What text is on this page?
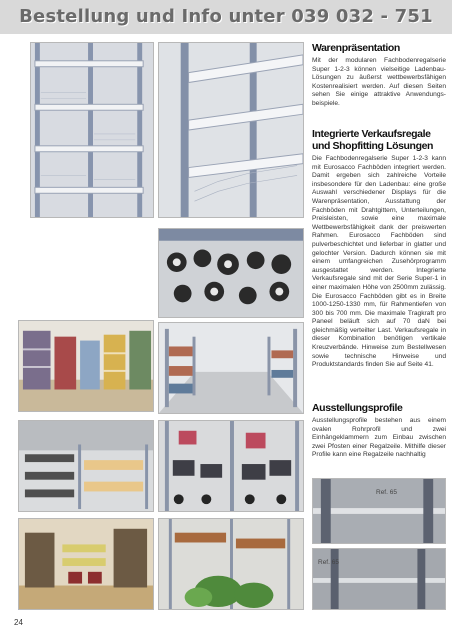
Bestellung und Info unter 039 032 - 751
Ref. 65
Ref. 65
Warenpräsentation
Mit der modularen Fachbodenregalserie Super 1-2-3 können vielseitige Ladenbau-Lösungen zu äußerst wettbewerbsfähigen Kostenrealisiert werden. Auf diesen Seiten sehen Sie einige attraktive Anwendungs-beispiele.
Integrierte Verkaufsregale und Shopfitting Lösungen
Die Fachbodenregalserie Super 1-2-3 kann mit Eurosacco Fachböden integriert werden. Damit ergeben sich zahlreiche Vorteile insbesondere für den Ladenbau: eine große Auswahl verschiedener Displays für die Warenpräsentation, Ausstattung der Fachböden mit Drahtgittern, Unterteilungen, Preisleisten, sowie eine maximale Wettbewerbsfähigkeit dank der preiswerten Rahmen. Eurosacco Fachböden sind pulverbeschichtet und lieferbar in glatter und gelochter Version. Dadurch können sie mit einem umfangreichen Zusehörprogramm ausgestattet werden. Integrierte Verkaufsregale sind mit der Serie Super-1 in einer maximalen Höhe von 2500mm zulässig. Die Eurosacco Fachböden gibt es in Breite 1000-1250-1330 mm, für Rahmentiefen von 300 bis 700 mm. Die maximale Tragkraft pro Paneel beläuft sich auf 70 daN bei gleichmäßig verteilter Last. Verkaufsregale in dieser Kombination benötigen vertikale Kreuzverbände. Hinweise zum Bestellwesen sowie technische Hinweise und Produktstandards finden Sie auf Seite 41.
Ausstellungsprofile
Ausstellungsprofile bestehen aus einem ovalen Rohrprofil und zwei Einhängeklammern zum Einbau zwischen zwei Pfosten einer Regalzeile. Mithilfe dieser Profile kann eine Regalzeile nachhaltig
24
